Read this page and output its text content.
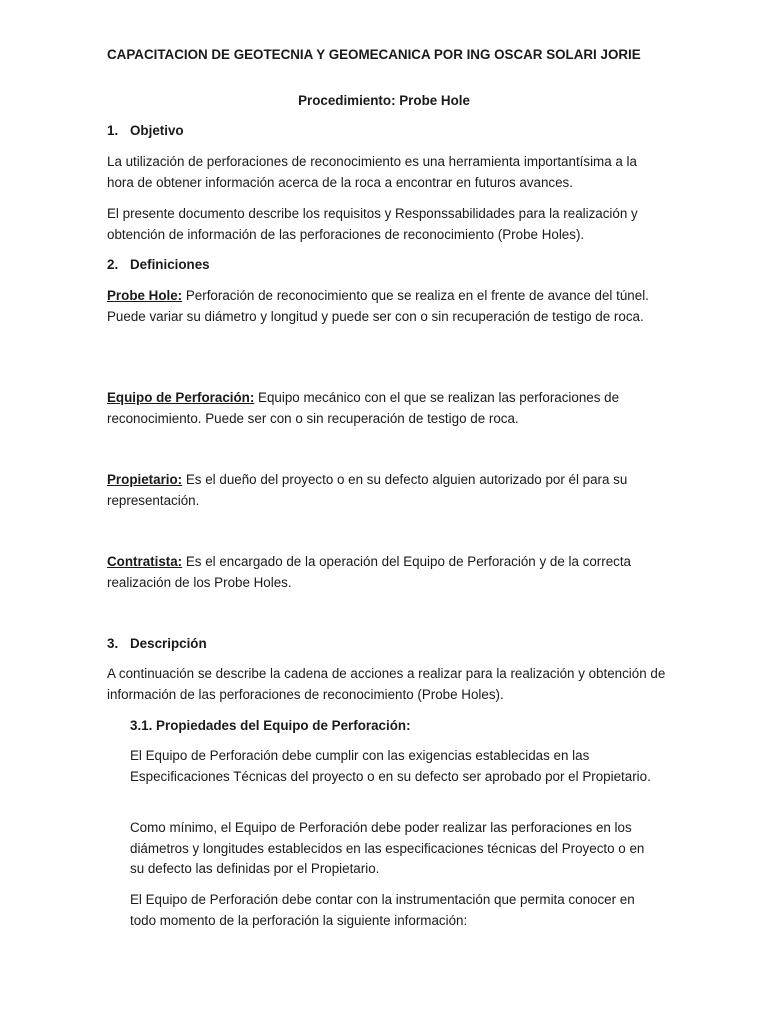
CAPACITACION DE GEOTECNIA Y GEOMECANICA POR ING OSCAR SOLARI JORIE

Procedimiento: Probe Hole

1. Objetivo

La utilización de perforaciones de reconocimiento es una herramienta importantísima a la hora de obtener información acerca de la roca a encontrar en futuros avances.

El presente documento describe los requisitos y Responssabilidades para la realización y obtención de información de las perforaciones de reconocimiento (Probe Holes).

2. Definiciones

Probe Hole: Perforación de reconocimiento que se realiza en el frente de avance del túnel. Puede variar su diámetro y longitud y puede ser con o sin recuperación de testigo de roca.

Equipo de Perforación: Equipo mecánico con el que se realizan las perforaciones de reconocimiento. Puede ser con o sin recuperación de testigo de roca.

Propietario: Es el dueño del proyecto o en su defecto alguien autorizado por él para su representación.

Contratista: Es el encargado de la operación del Equipo de Perforación y de la correcta realización de los Probe Holes.

3. Descripción

A continuación se describe la cadena de acciones a realizar para la realización y obtención de información de las perforaciones de reconocimiento (Probe Holes).

3.1. Propiedades del Equipo de Perforación:

El Equipo de Perforación debe cumplir con las exigencias establecidas en las Especificaciones Técnicas del proyecto o en su defecto ser aprobado por el Propietario.

Como mínimo, el Equipo de Perforación debe poder realizar las perforaciones en los diámetros y longitudes establecidos en las especificaciones técnicas del Proyecto o en su defecto las definidas por el Propietario.

El Equipo de Perforación debe contar con la instrumentación que permita conocer en todo momento de la perforación la siguiente información:
